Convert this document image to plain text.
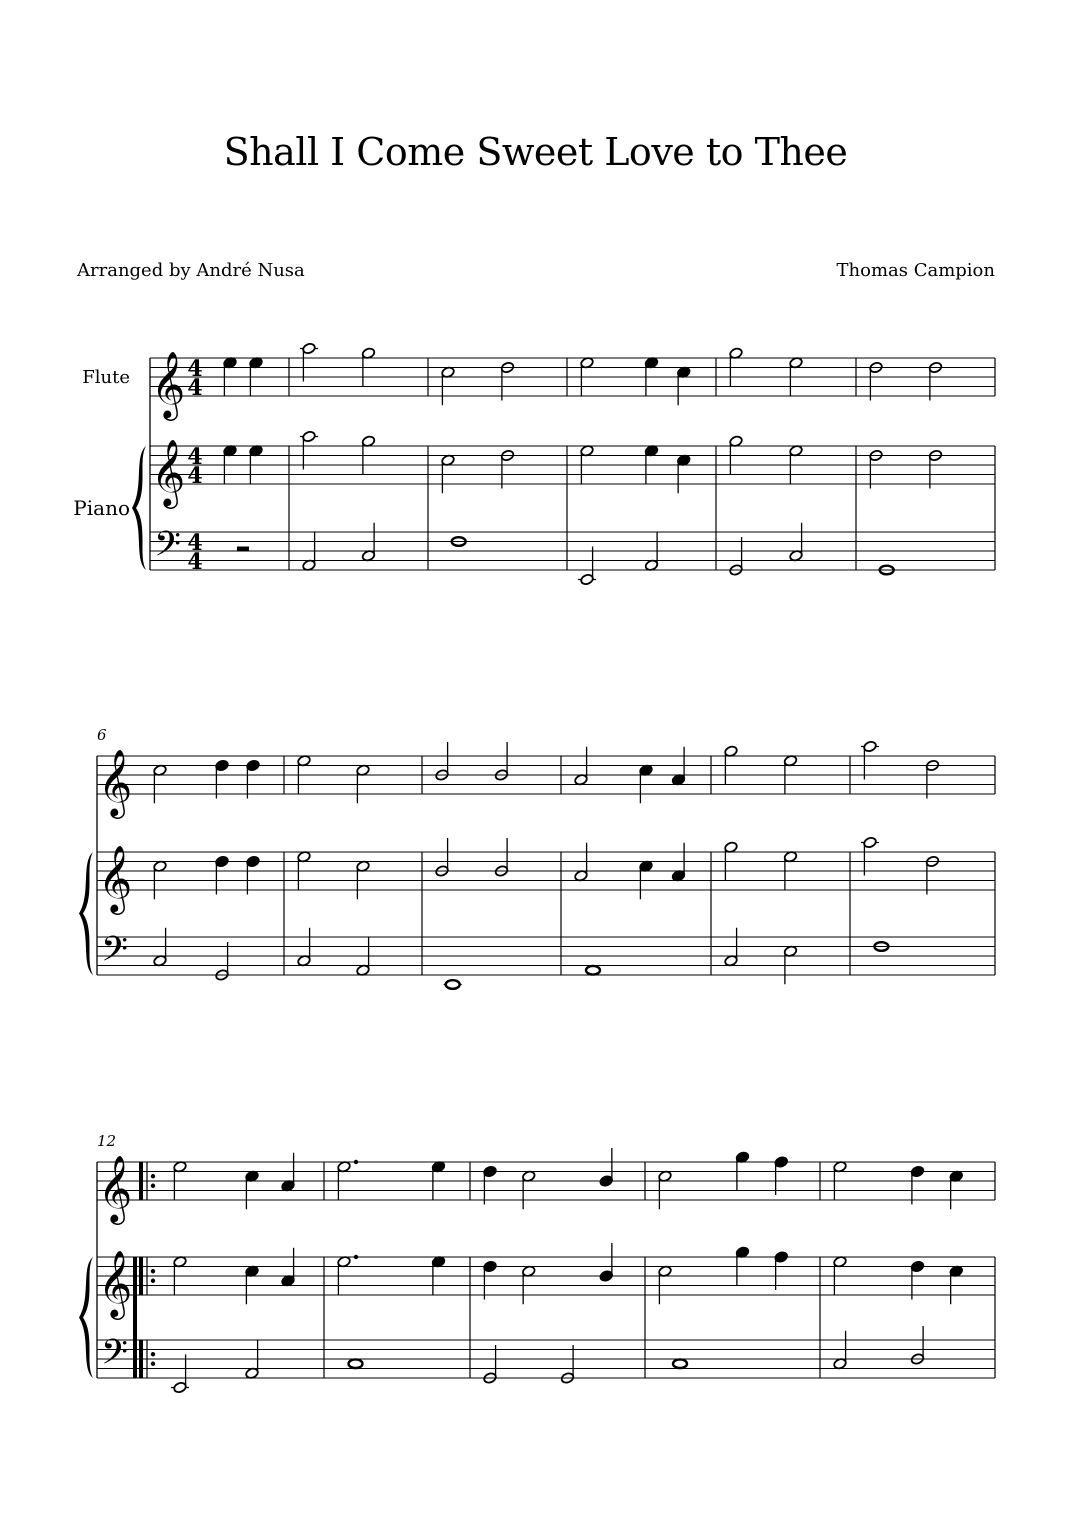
Shall I Come Sweet Love to Thee
Arranged by André Nusa	Thomas Campion
𝄞 4
4
𝄞 4
4
𝄢 4
4
Flute
Piano
𝄞
𝄞
𝄢
6
𝄞
𝄞
𝄢
12
